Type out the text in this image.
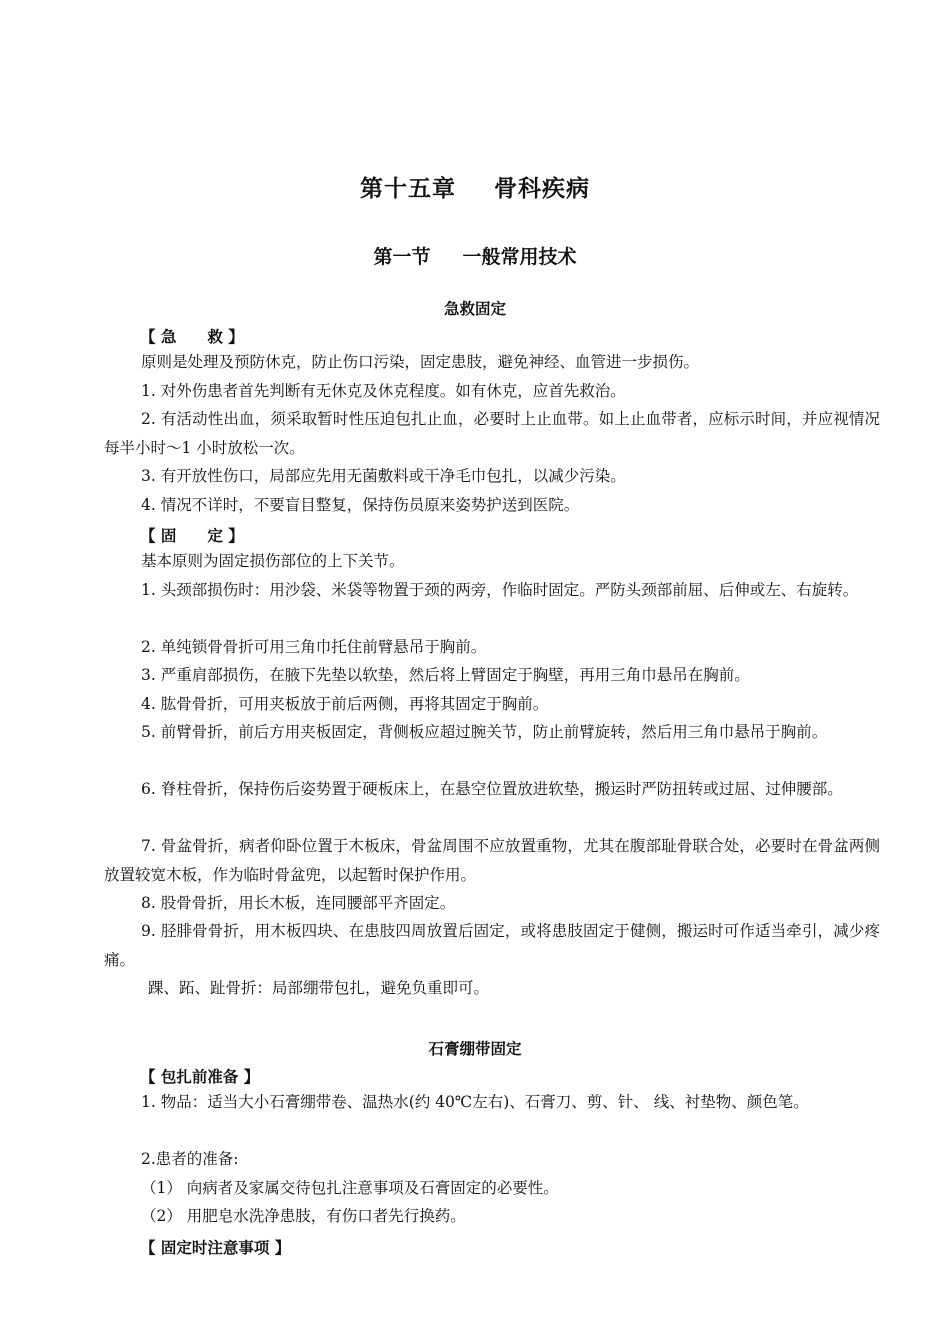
第十五章 骨科疾病
第一节 一般常用技术
急救固定
【 急　　救 】
原则是处理及预防休克，防止伤口污染，固定患肢，避免神经、血管进一步损伤。
1. 对外伤患者首先判断有无休克及休克程度。如有休克，应首先救治。
2. 有活动性出血，须采取暂时性压迫包扎止血，必要时上止血带。如上止血带者，应标示时间，并应视情况每半小时～1 小时放松一次。
3. 有开放性伤口，局部应先用无菌敷料或干净毛巾包扎，以减少污染。
4. 情况不详时，不要盲目整复，保持伤员原来姿势护送到医院。
【 固　　定 】
基本原则为固定损伤部位的上下关节。
1. 头颈部损伤时：用沙袋、米袋等物置于颈的两旁，作临时固定。严防头颈部前屈、后伸或左、右旋转。
2. 单纯锁骨骨折可用三角巾托住前臂悬吊于胸前。
3. 严重肩部损伤，在腋下先垫以软垫，然后将上臂固定于胸壁，再用三角巾悬吊在胸前。
4. 肱骨骨折，可用夹板放于前后两侧，再将其固定于胸前。
5. 前臂骨折，前后方用夹板固定，背侧板应超过腕关节，防止前臂旋转，然后用三角巾悬吊于胸前。
6. 脊柱骨折，保持伤后姿势置于硬板床上，在悬空位置放进软垫，搬运时严防扭转或过屈、过伸腰部。
7. 骨盆骨折，病者仰卧位置于木板床，骨盆周围不应放置重物，尤其在腹部耻骨联合处，必要时在骨盆两侧放置较宽木板，作为临时骨盆兜，以起暂时保护作用。
8. 股骨骨折，用长木板，连同腰部平齐固定。
9. 胫腓骨骨折，用木板四块、在患肢四周放置后固定，或将患肢固定于健侧，搬运时可作适当牵引，减少疼痛。
踝、跖、趾骨折：局部绷带包扎，避免负重即可。
石膏绷带固定
【 包扎前准备 】
1. 物品：适当大小石膏绷带卷、温热水(约 40℃左右)、石膏刀、剪、针、 线、衬垫物、颜色笔。
2.患者的准备:
（1） 向病者及家属交待包扎注意事项及石膏固定的必要性。
（2） 用肥皂水洗净患肢，有伤口者先行换药。
【 固定时注意事项 】
